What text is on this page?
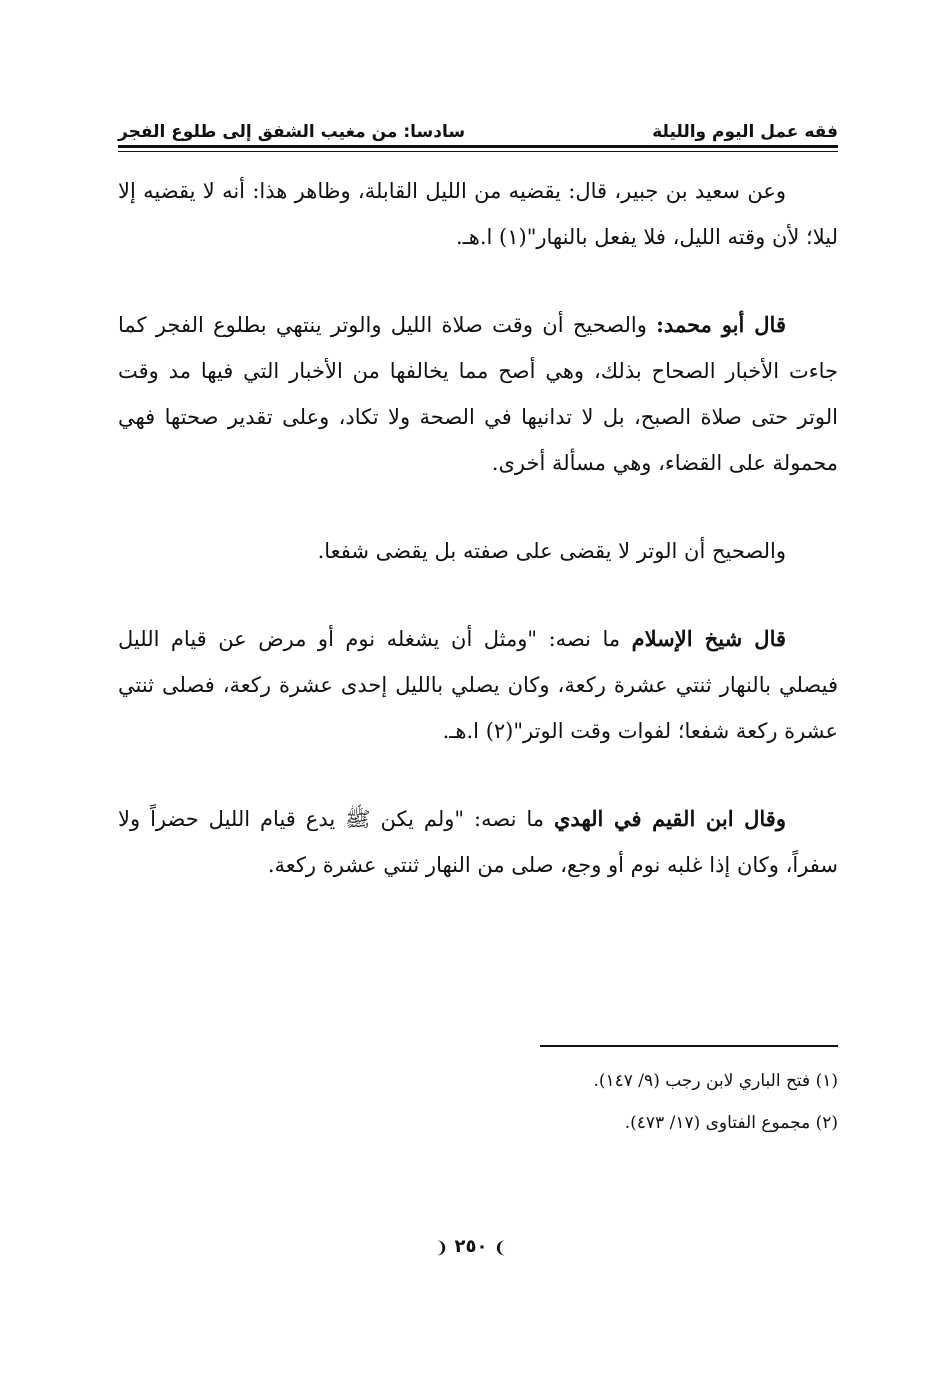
فقه عمل اليوم والليلة
سادسا: من مغيب الشفق إلى طلوع الفجر

وعن سعيد بن جبير، قال: يقضيه من الليل القابلة، وظاهر هذا: أنه لا يقضيه إلا ليلا؛ لأن وقته الليل، فلا يفعل بالنهار"(١) ا.هـ.

قال أبو محمد: والصحيح أن وقت صلاة الليل والوتر ينتهي بطلوع الفجر كما جاءت الأخبار الصحاح بذلك، وهي أصح مما يخالفها من الأخبار التي فيها مد وقت الوتر حتى صلاة الصبح، بل لا تدانيها في الصحة ولا تكاد، وعلى تقدير صحتها فهي محمولة على القضاء، وهي مسألة أخرى.

والصحيح أن الوتر لا يقضى على صفته بل يقضى شفعا.

قال شيخ الإسلام ما نصه: "ومثل أن يشغله نوم أو مرض عن قيام الليل فيصلي بالنهار ثنتي عشرة ركعة، وكان يصلي بالليل إحدى عشرة ركعة، فصلى ثنتي عشرة ركعة شفعا؛ لفوات وقت الوتر"(٢) ا.هـ.

وقال ابن القيم في الهدي ما نصه: "ولم يكن ﷺ يدع قيام الليل حضراً ولا سفراً، وكان إذا غلبه نوم أو وجع، صلى من النهار ثنتي عشرة ركعة.

(١) فتح الباري لابن رجب (٩/ ١٤٧).

(٢) مجموع الفتاوى (١٧/ ٤٧٣).

❩ ٢٥٠ ❨
